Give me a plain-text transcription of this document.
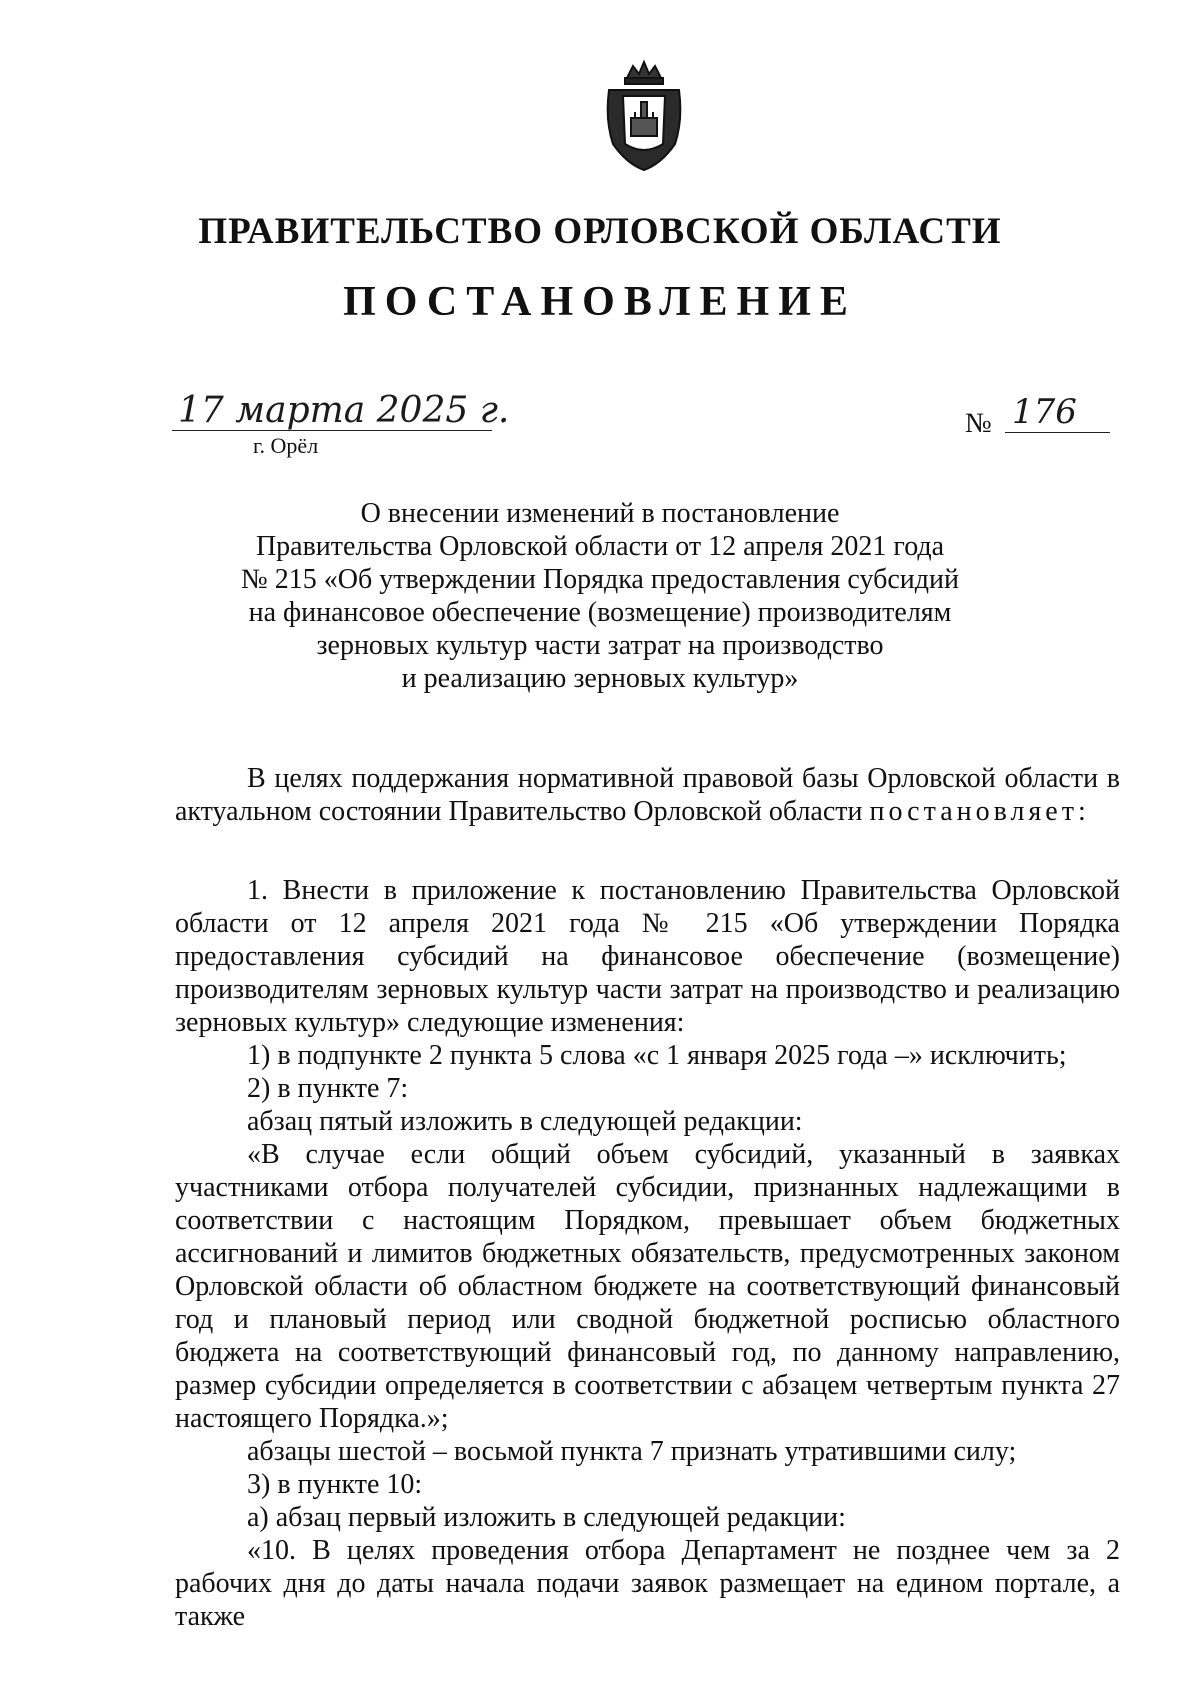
ПРАВИТЕЛЬСТВО ОРЛОВСКОЙ ОБЛАСТИ
ПОСТАНОВЛЕНИЕ
17 марта 2025 г.
г. Орёл
№ 176
О внесении изменений в постановление
Правительства Орловской области от 12 апреля 2021 года
№ 215 «Об утверждении Порядка предоставления субсидий
на финансовое обеспечение (возмещение) производителям
зерновых культур части затрат на производство
и реализацию зерновых культур»

В целях поддержания нормативной правовой базы Орловской области в актуальном состоянии Правительство Орловской области постановляет:

1. Внести в приложение к постановлению Правительства Орловской области от 12 апреля 2021 года № 215 «Об утверждении Порядка предоставления субсидий на финансовое обеспечение (возмещение) производителям зерновых культур части затрат на производство и реализацию зерновых культур» следующие изменения:

1) в подпункте 2 пункта 5 слова «с 1 января 2025 года –» исключить;

2) в пункте 7:

абзац пятый изложить в следующей редакции:

«В случае если общий объем субсидий, указанный в заявках участниками отбора получателей субсидии, признанных надлежащими в соответствии с настоящим Порядком, превышает объем бюджетных ассигнований и лимитов бюджетных обязательств, предусмотренных законом Орловской области об областном бюджете на соответствующий финансовый год и плановый период или сводной бюджетной росписью областного бюджета на соответствующий финансовый год, по данному направлению, размер субсидии определяется в соответствии с абзацем четвертым пункта 27 настоящего Порядка.»;

абзацы шестой – восьмой пункта 7 признать утратившими силу;

3) в пункте 10:

а) абзац первый изложить в следующей редакции:

«10. В целях проведения отбора Департамент не позднее чем за 2 рабочих дня до даты начала подачи заявок размещает на едином портале, а также
